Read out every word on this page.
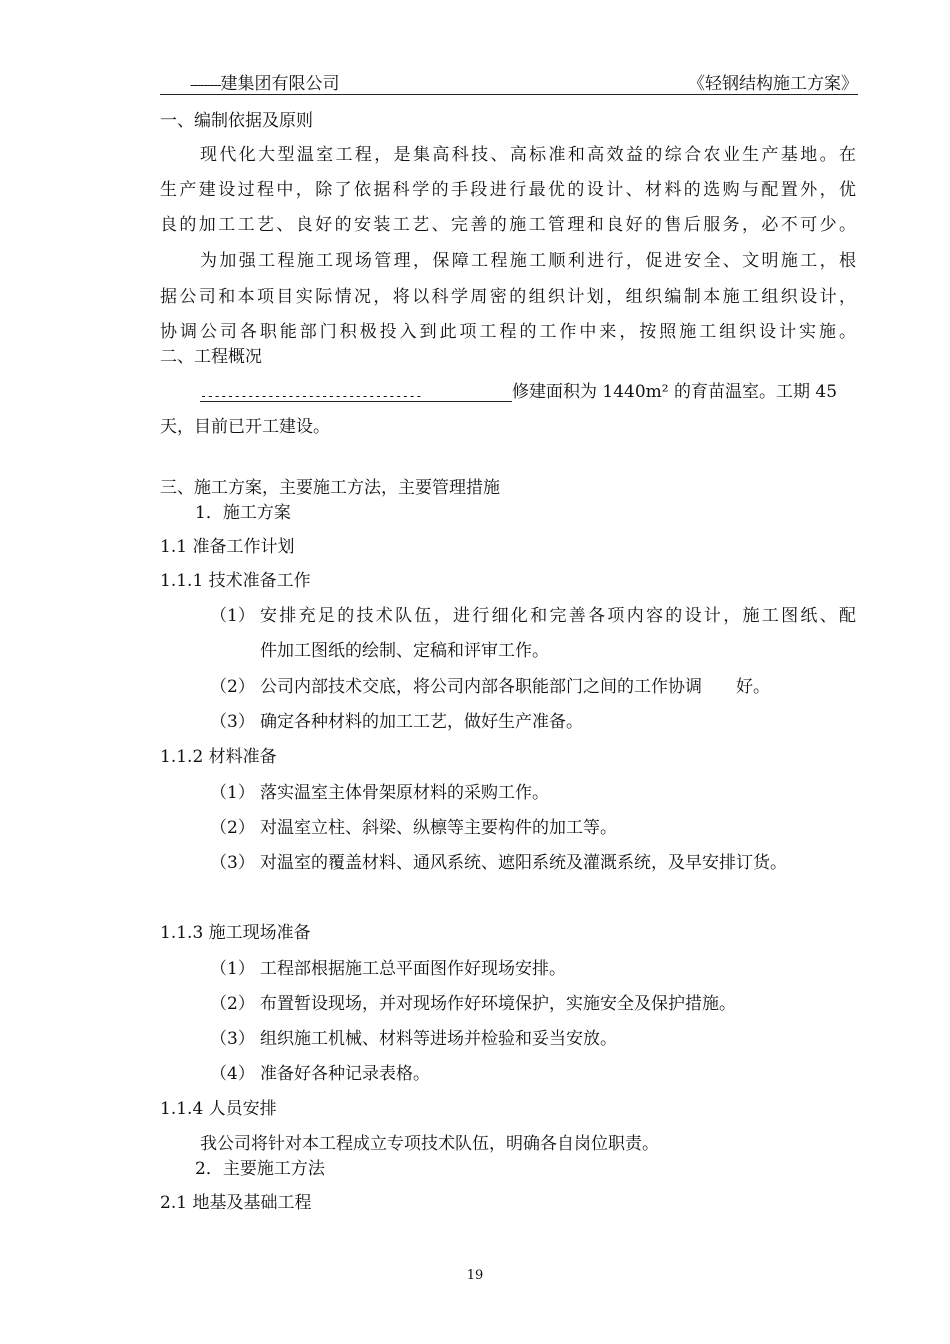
---------建集团有限公司	《轻钢结构施工方案》
一、编制依据及原则
现代化大型温室工程，是集高科技、高标准和高效益的综合农业生产基地。在
生产建设过程中，除了依据科学的手段进行最优的设计、材料的选购与配置外，优
良的加工工艺、良好的安装工艺、完善的施工管理和良好的售后服务，必不可少。
为加强工程施工现场管理，保障工程施工顺利进行，促进安全、文明施工，根
据公司和本项目实际情况，将以科学周密的组织计划，组织编制本施工组织设计，
协调公司各职能部门积极投入到此项工程的工作中来，按照施工组织设计实施。
二、工程概况
---------------------------------	修建面积为 1440m² 的育苗温室。工期 45
天，目前已开工建设。
三、施工方案，主要施工方法，主要管理措施
1．施工方案
1.1 准备工作计划
1.1.1 技术准备工作
（1） 安排充足的技术队伍，进行细化和完善各项内容的设计，施工图纸、配
件加工图纸的绘制、定稿和评审工作。
（2） 公司内部技术交底，将公司内部各职能部门之间的工作协调　　好。
（3） 确定各种材料的加工工艺，做好生产准备。
1.1.2 材料准备
（1） 落实温室主体骨架原材料的采购工作。
（2） 对温室立柱、斜梁、纵檩等主要构件的加工等。
（3） 对温室的覆盖材料、通风系统、遮阳系统及灌溉系统，及早安排订货。
1.1.3 施工现场准备
（1） 工程部根据施工总平面图作好现场安排。
（2） 布置暂设现场，并对现场作好环境保护，实施安全及保护措施。
（3） 组织施工机械、材料等进场并检验和妥当安放。
（4） 准备好各种记录表格。
1.1.4 人员安排
我公司将针对本工程成立专项技术队伍，明确各自岗位职责。
2．主要施工方法
2.1 地基及基础工程
19
